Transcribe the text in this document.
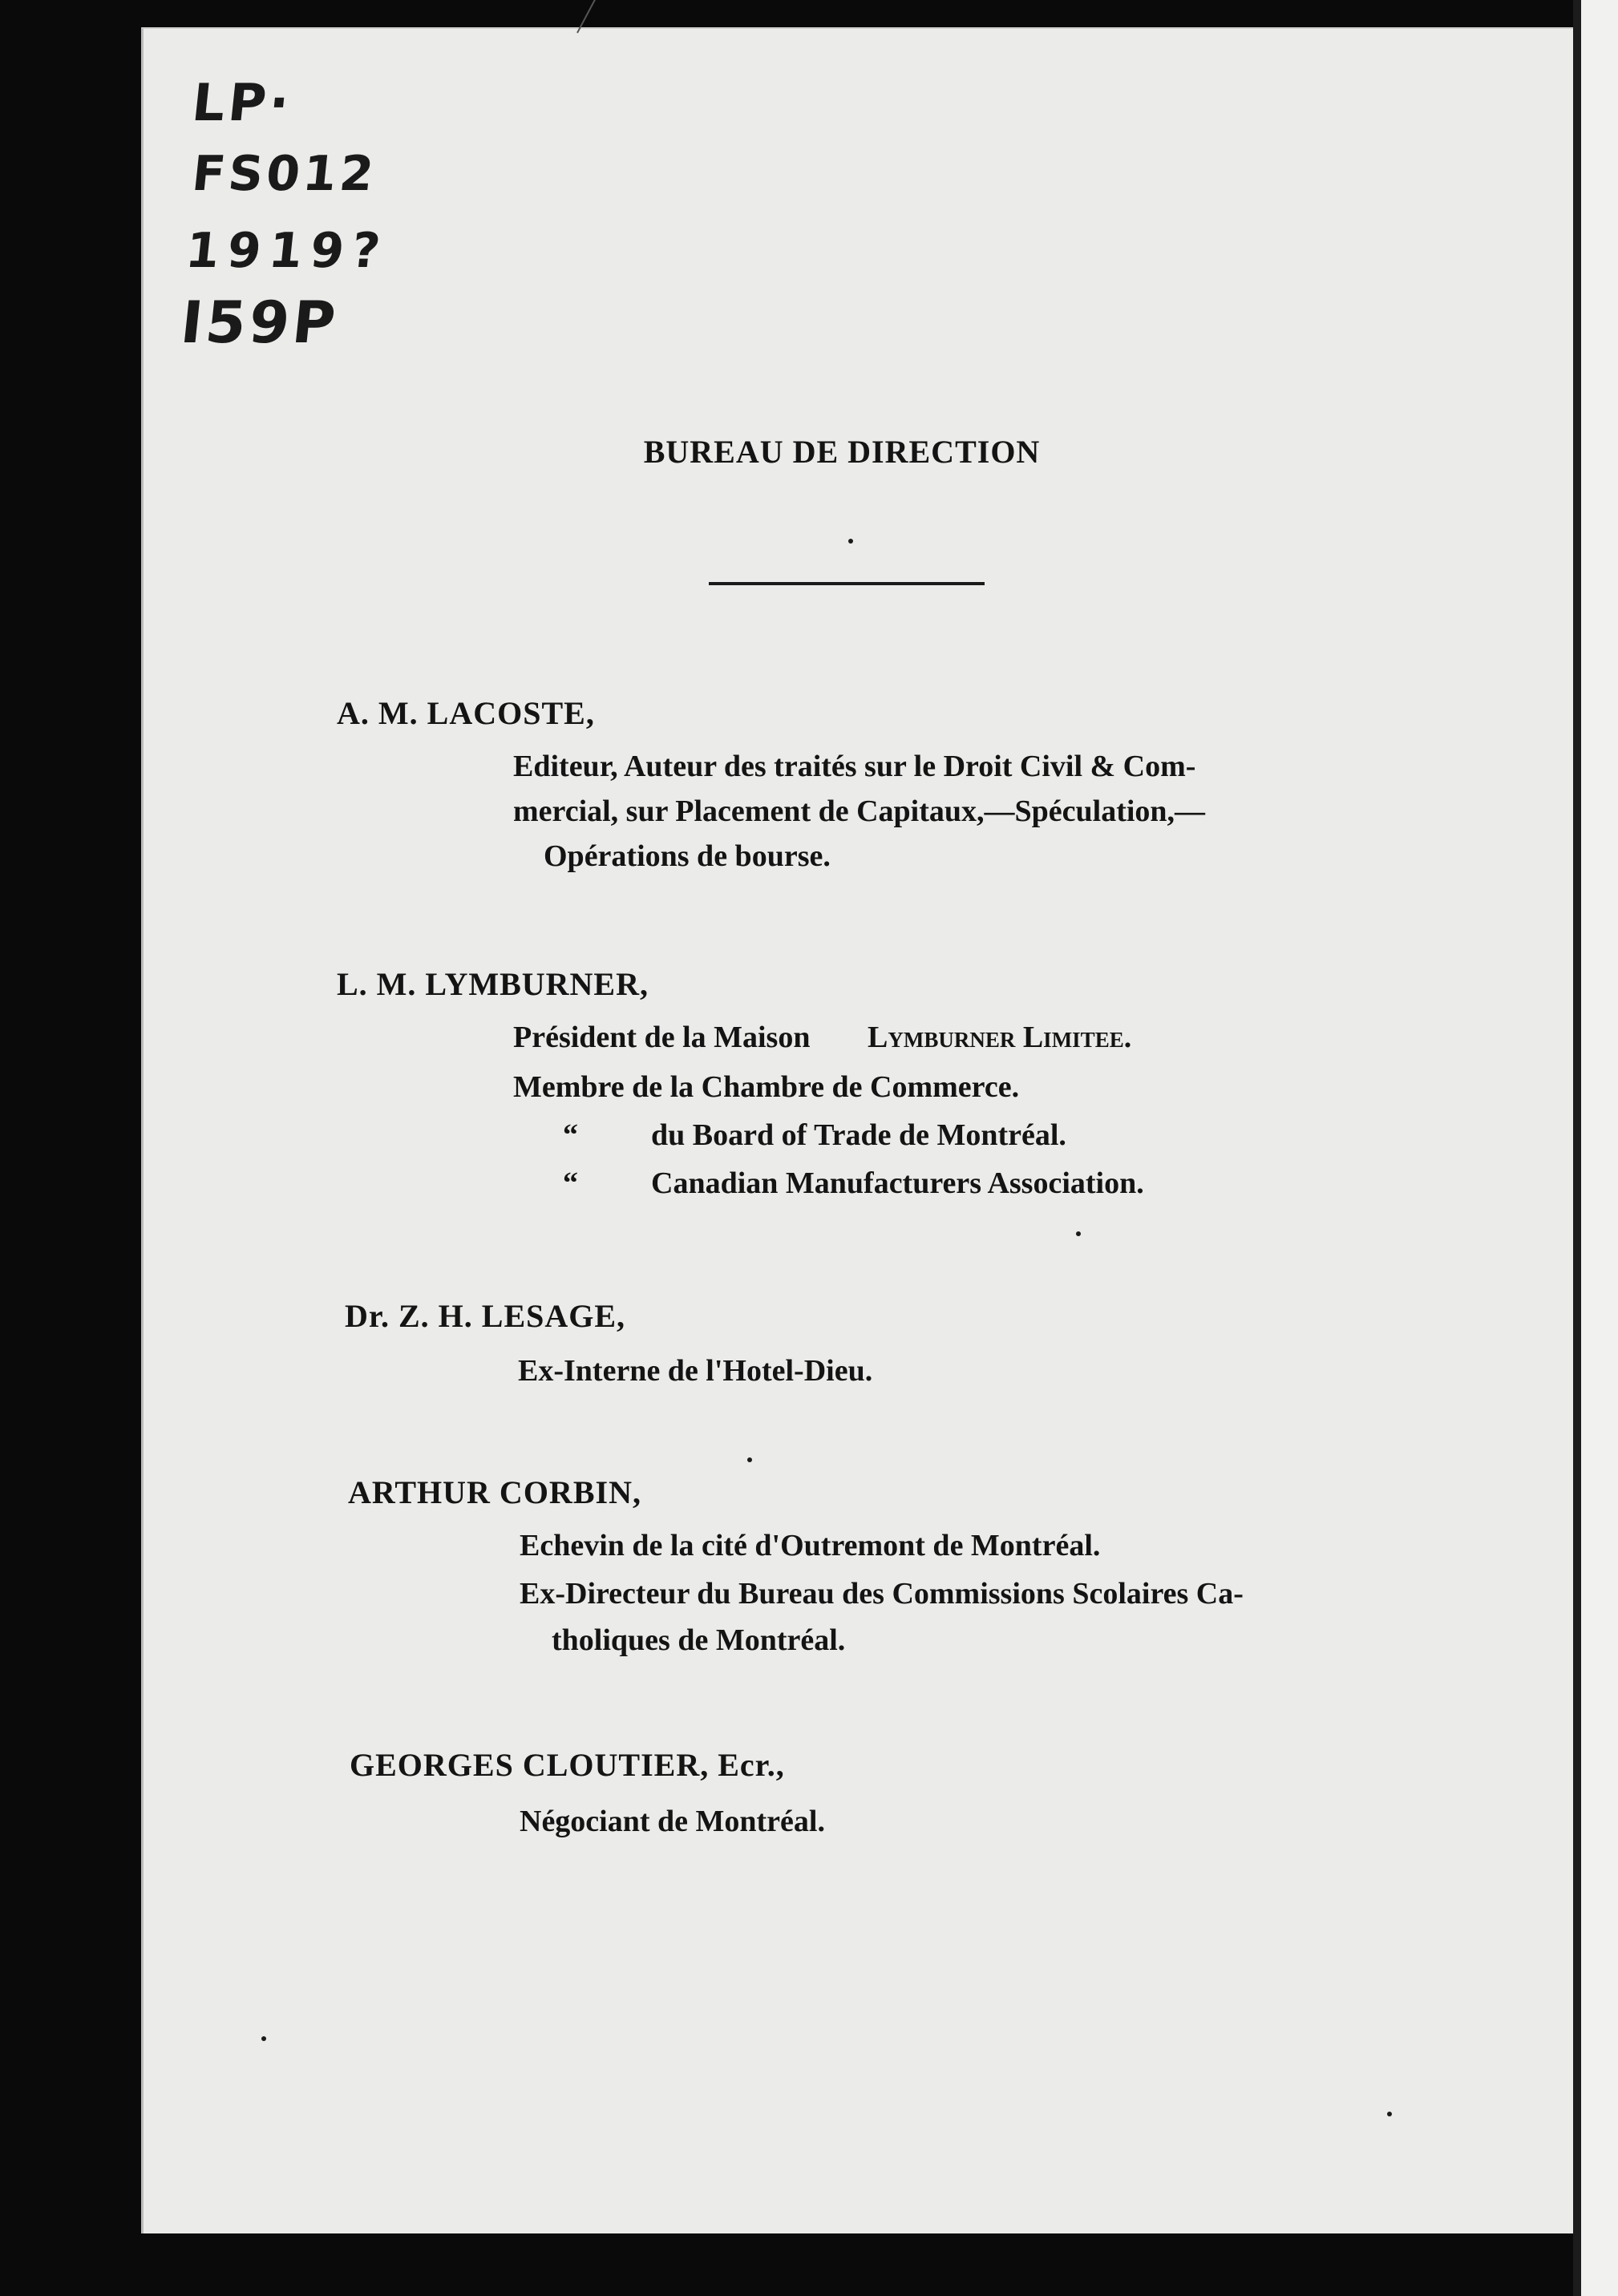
LP·
FS012
1919?
I59P
BUREAU DE DIRECTION
A. M. LACOSTE,
Editeur, Auteur des traités sur le Droit Civil & Com-
mercial, sur Placement de Capitaux,—Spéculation,—
Opérations de bourse.
L. M. LYMBURNER,
Président de la Maison Lymburner Limitee.
Membre de la Chambre de Commerce.
“ du Board of Trade de Montréal.
“ Canadian Manufacturers Association.
Dr. Z. H. LESAGE,
Ex-Interne de l'Hotel-Dieu.
ARTHUR CORBIN,
Echevin de la cité d'Outremont de Montréal.
Ex-Directeur du Bureau des Commissions Scolaires Ca-
tholiques de Montréal.
GEORGES CLOUTIER, Ecr.,
Négociant de Montréal.
